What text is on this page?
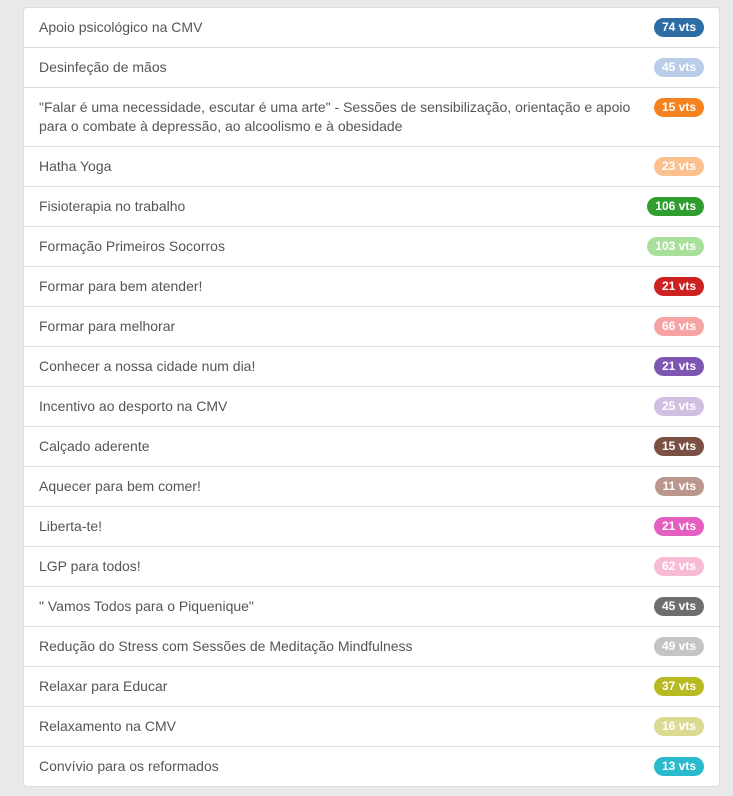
74 vts
Apoio psicológico na CMV
45 vts
Desinfeção de mãos
15 vts
"Falar é uma necessidade, escutar é uma arte" - Sessões de sensibilização, orientação e apoio para o combate à depressão, ao alcoolismo e à obesidade
23 vts
Hatha Yoga
106 vts
Fisioterapia no trabalho
103 vts
Formação Primeiros Socorros
21 vts
Formar para bem atender!
66 vts
Formar para melhorar
21 vts
Conhecer a nossa cidade num dia!
25 vts
Incentivo ao desporto na CMV
15 vts
Calçado aderente
11 vts
Aquecer para bem comer!
21 vts
Liberta-te!
62 vts
LGP para todos!
45 vts
" Vamos Todos para o Piquenique"
49 vts
Redução do Stress com Sessões de Meditação Mindfulness
37 vts
Relaxar para Educar
16 vts
Relaxamento na CMV
13 vts
Convívio para os reformados
